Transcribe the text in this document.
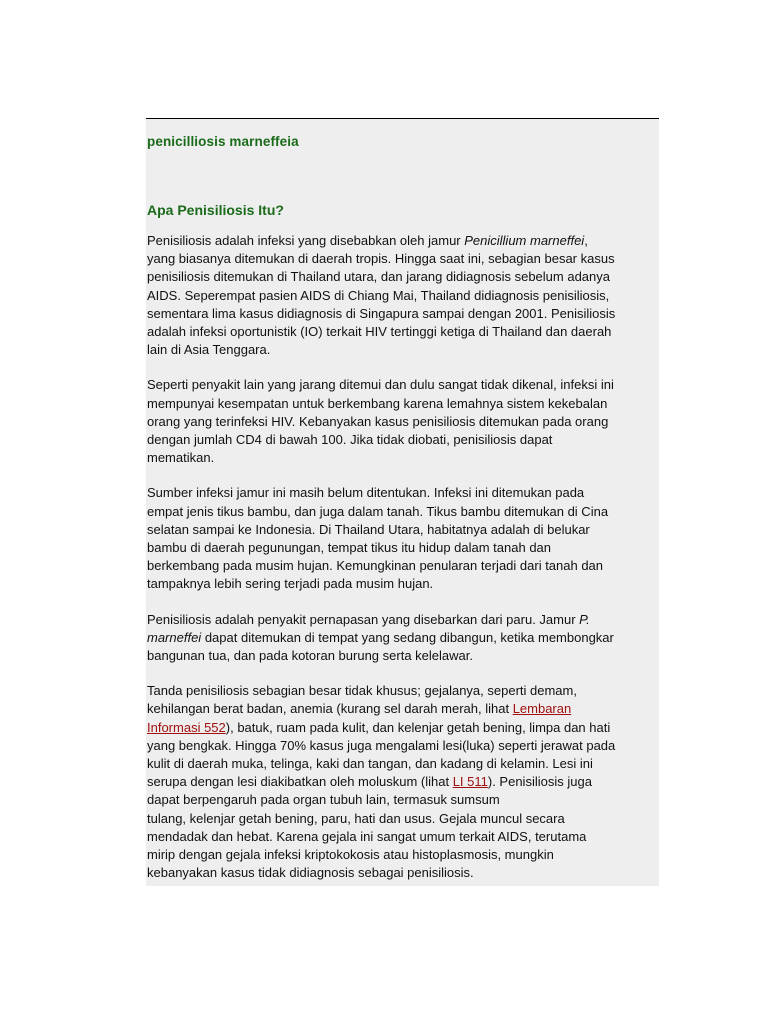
penicilliosis marneffeia
Apa Penisiliosis Itu?

Penisiliosis adalah infeksi yang disebabkan oleh jamur Penicillium marneffei,
yang biasanya ditemukan di daerah tropis. Hingga saat ini, sebagian besar kasus
penisiliosis ditemukan di Thailand utara, dan jarang didiagnosis sebelum adanya
AIDS. Seperempat pasien AIDS di Chiang Mai, Thailand didiagnosis penisiliosis,
sementara lima kasus didiagnosis di Singapura sampai dengan 2001. Penisiliosis
adalah infeksi oportunistik (IO) terkait HIV tertinggi ketiga di Thailand dan daerah
lain di Asia Tenggara.

Seperti penyakit lain yang jarang ditemui dan dulu sangat tidak dikenal, infeksi ini
mempunyai kesempatan untuk berkembang karena lemahnya sistem kekebalan
orang yang terinfeksi HIV. Kebanyakan kasus penisiliosis ditemukan pada orang
dengan jumlah CD4 di bawah 100. Jika tidak diobati, penisiliosis dapat
mematikan.

Sumber infeksi jamur ini masih belum ditentukan. Infeksi ini ditemukan pada
empat jenis tikus bambu, dan juga dalam tanah. Tikus bambu ditemukan di Cina
selatan sampai ke Indonesia. Di Thailand Utara, habitatnya adalah di belukar
bambu di daerah pegunungan, tempat tikus itu hidup dalam tanah dan
berkembang pada musim hujan. Kemungkinan penularan terjadi dari tanah dan
tampaknya lebih sering terjadi pada musim hujan.

Penisiliosis adalah penyakit pernapasan yang disebarkan dari paru. Jamur P.
marneffei dapat ditemukan di tempat yang sedang dibangun, ketika membongkar
bangunan tua, dan pada kotoran burung serta kelelawar.

Tanda penisiliosis sebagian besar tidak khusus; gejalanya, seperti demam,
kehilangan berat badan, anemia (kurang sel darah merah, lihat Lembaran
Informasi 552), batuk, ruam pada kulit, dan kelenjar getah bening, limpa dan hati
yang bengkak. Hingga 70% kasus juga mengalami lesi(luka) seperti jerawat pada
kulit di daerah muka, telinga, kaki dan tangan, dan kadang di kelamin. Lesi ini
serupa dengan lesi diakibatkan oleh moluskum (lihat LI 511). Penisiliosis juga
dapat berpengaruh pada organ tubuh lain, termasuk sumsum
tulang, kelenjar getah bening, paru, hati dan usus. Gejala muncul secara
mendadak dan hebat. Karena gejala ini sangat umum terkait AIDS, terutama
mirip dengan gejala infeksi kriptokokosis atau histoplasmosis, mungkin
kebanyakan kasus tidak didiagnosis sebagai penisiliosis.
